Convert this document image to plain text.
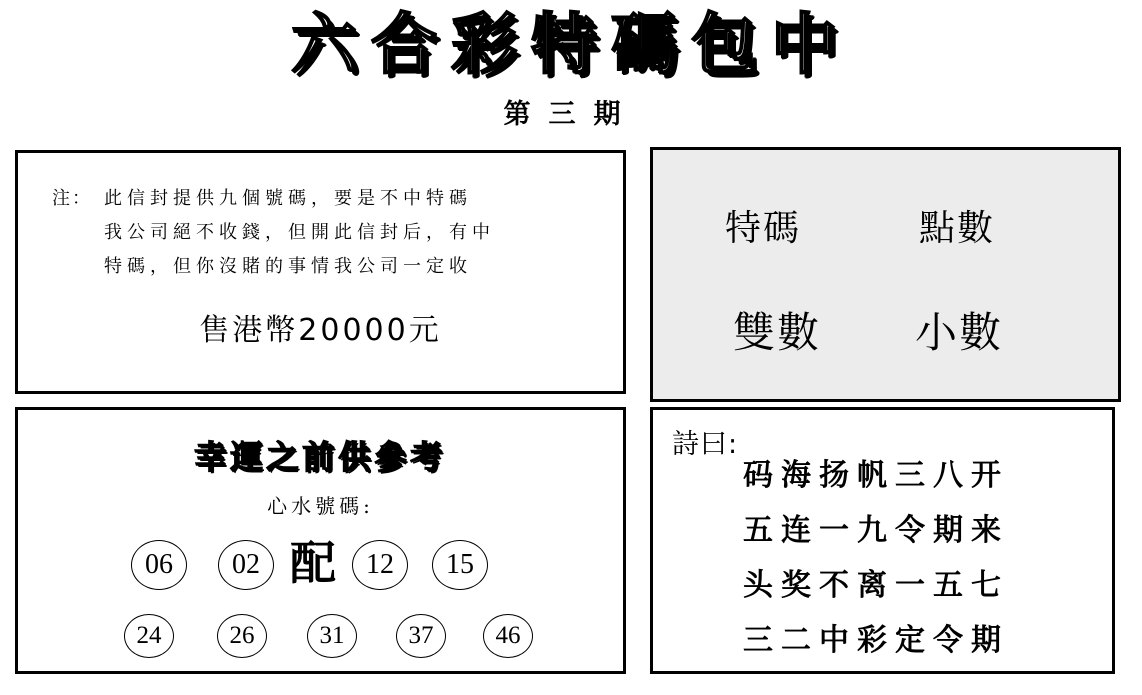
六合彩特碼包中
第三期
注： 此信封提供九個號碼，要是不中特碼
我公司絕不收錢，但開此信封后，有中
特碼，但你沒賭的事情我公司一定收
售港幣20000元
特碼	點數
雙數 小數
幸運之前供參考
心水號碼:
配
06	02	12	15
24	26	31	37	46
詩曰:
码海扬帆三八开
五连一九令期来
头奖不离一五七
三二中彩定令期
